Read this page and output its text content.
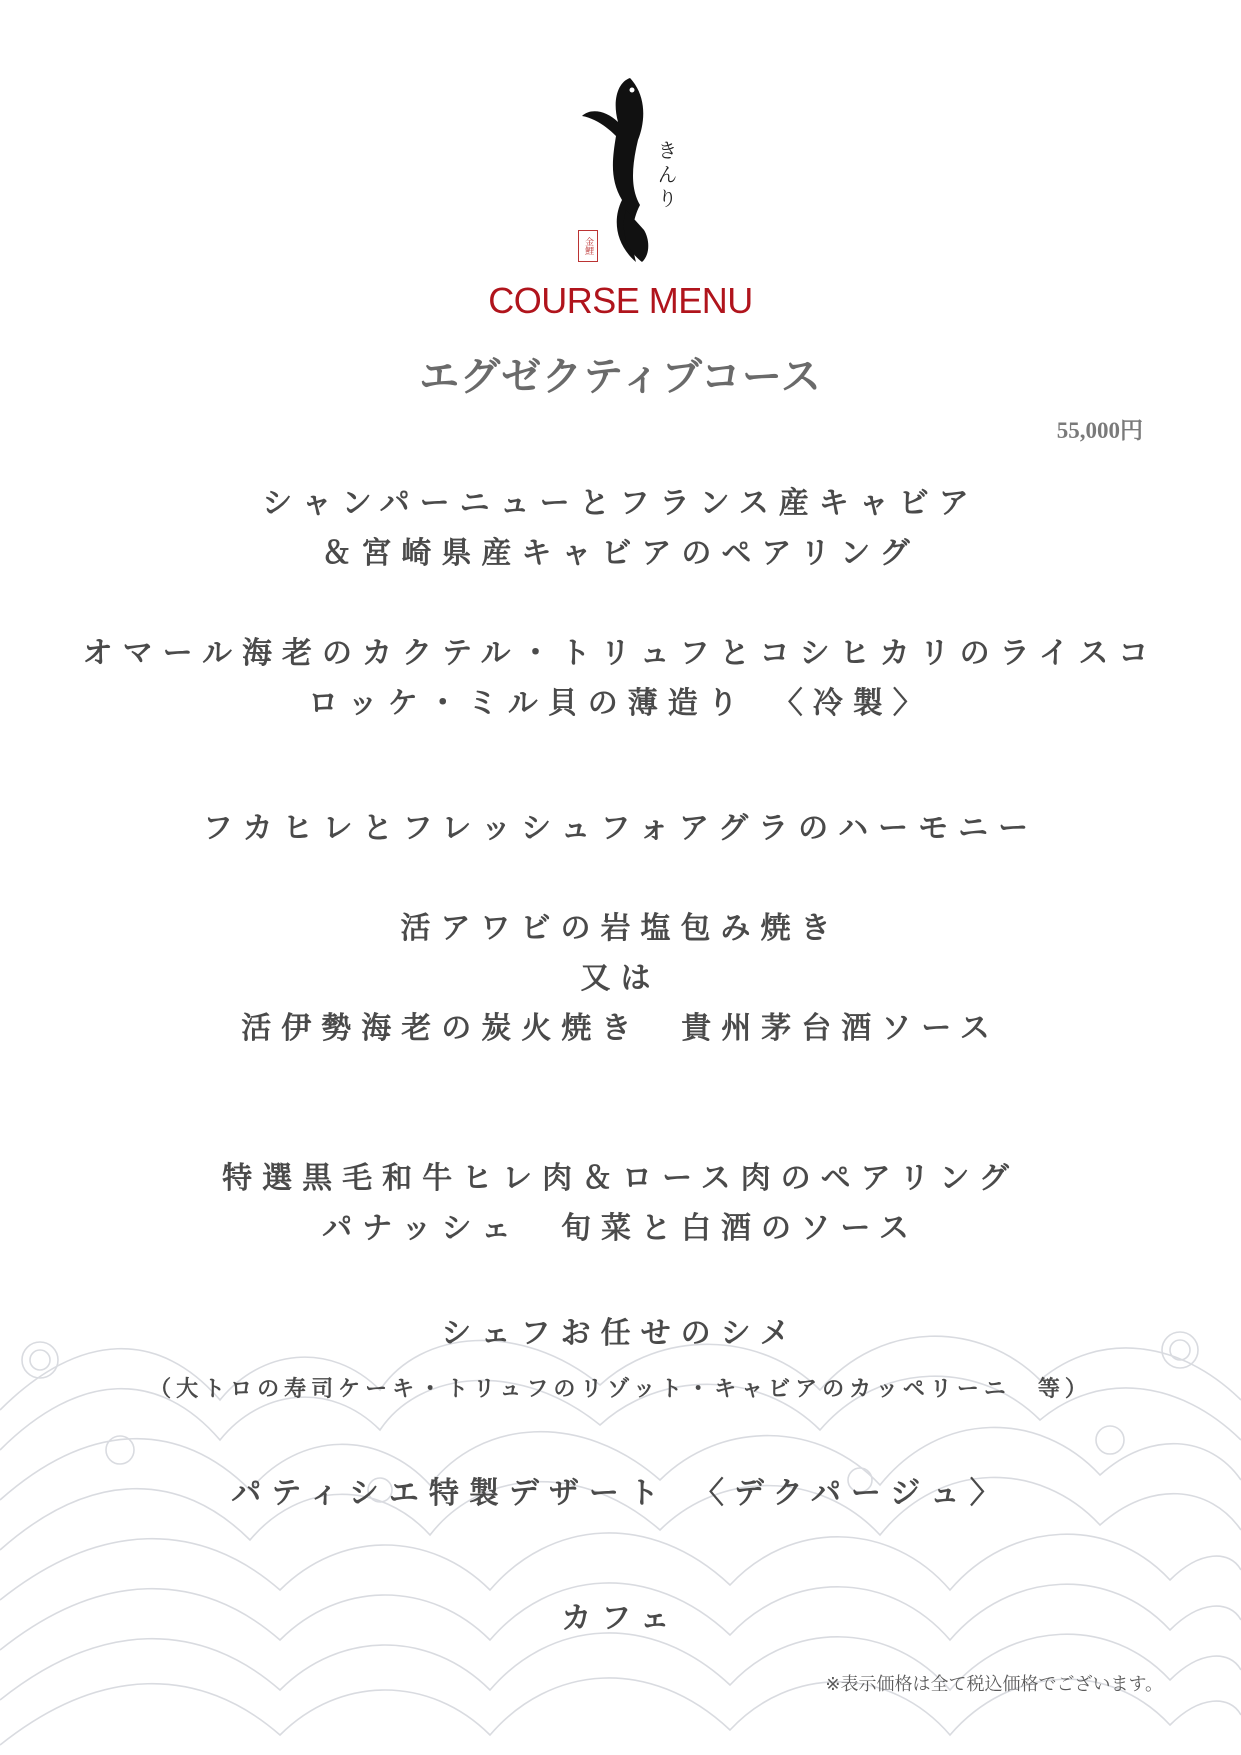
きんり
金鯉
COURSE MENU
エグゼクティブコース
55,000円
シャンパーニューとフランス産キャビア
＆宮崎県産キャビアのペアリング
オマール海老のカクテル・トリュフとコシヒカリのライスコ
ロッケ・ミル貝の薄造り　〈冷製〉
フカヒレとフレッシュフォアグラのハーモニー
活アワビの岩塩包み焼き
又は
活伊勢海老の炭火焼き　貴州茅台酒ソース
特選黒毛和牛ヒレ肉＆ロース肉のペアリング
パナッシェ　旬菜と白酒のソース
シェフお任せのシメ
（大トロの寿司ケーキ・トリュフのリゾット・キャビアのカッペリーニ　等）
パティシエ特製デザート　〈デクパージュ〉
カフェ
※表示価格は全て税込価格でございます。
